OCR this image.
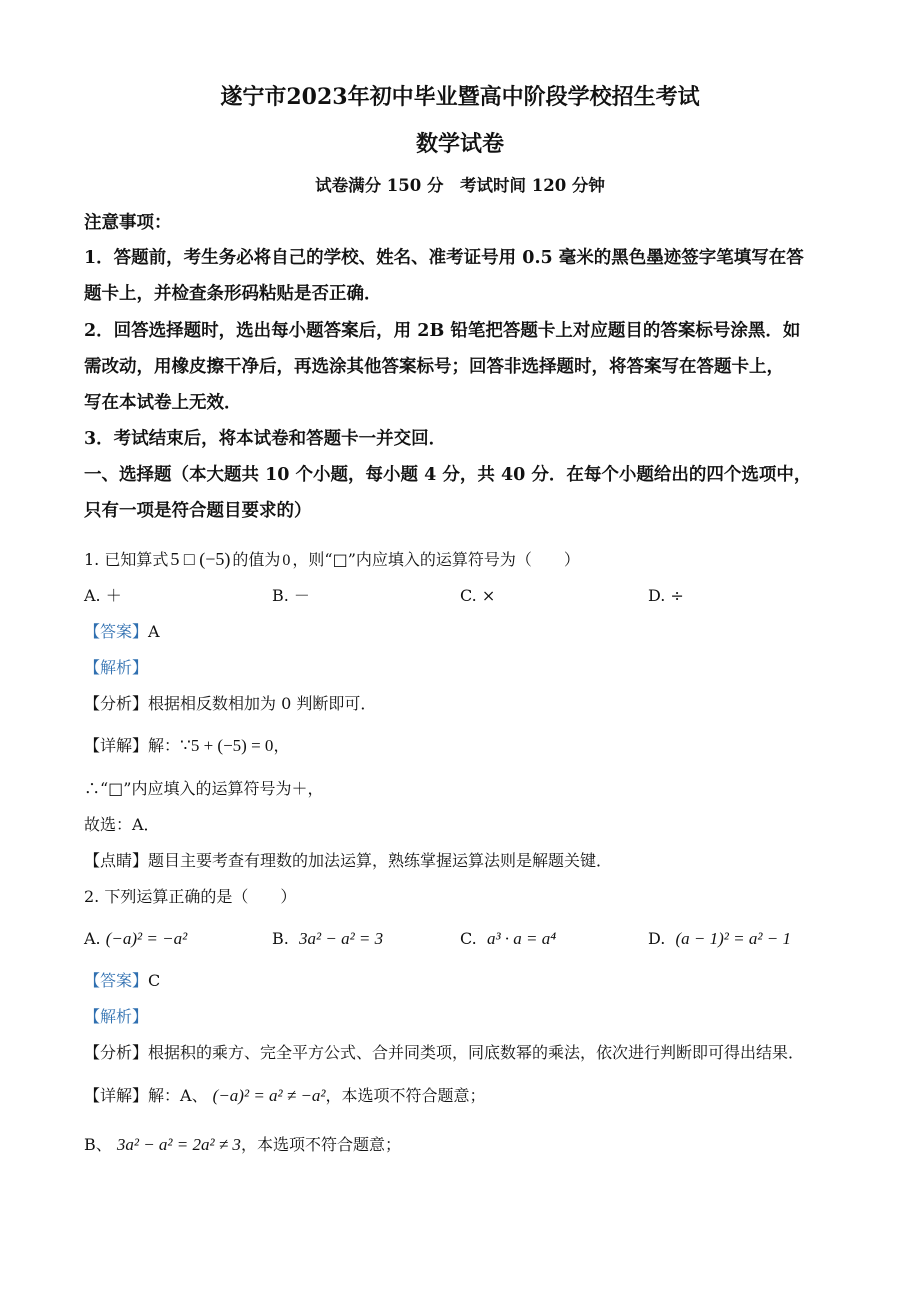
遂宁市2023年初中毕业暨高中阶段学校招生考试
数学试卷
试卷满分 150 分　考试时间 120 分钟
注意事项：
1．答题前，考生务必将自己的学校、姓名、准考证号用 0.5 毫米的黑色墨迹签字笔填写在答
题卡上，并检查条形码粘贴是否正确．
2．回答选择题时，选出每小题答案后，用 2B 铅笔把答题卡上对应题目的答案标号涂黑．如
需改动，用橡皮擦干净后，再选涂其他答案标号；回答非选择题时，将答案写在答题卡上，
写在本试卷上无效．
3．考试结束后，将本试卷和答题卡一并交回．
一、选择题（本大题共 10 个小题，每小题 4 分，共 40 分．在每个小题给出的四个选项中，
只有一项是符合题目要求的）
1. 已知算式 5 □ (−5) 的值为 0 ，则“□”内应填入的运算符号为（　　）
A. ＋	B. －	C. ×	D. ÷
【答案】A
【解析】
【分析】根据相反数相加为 0 判断即可．
【详解】解：∵5 + (−5) = 0，
∴“□”内应填入的运算符号为＋，
故选：A．
【点睛】题目主要考查有理数的加法运算，熟练掌握运算法则是解题关键．
2. 下列运算正确的是（　　）
A. (−a)² = −a²	B. 3a² − a² = 3	C. a³ · a = a⁴	D. (a − 1)² = a² − 1
【答案】C
【解析】
【分析】根据积的乘方、完全平方公式、合并同类项，同底数幂的乘法，依次进行判断即可得出结果．
【详解】解：A、 (−a)² = a² ≠ −a²，本选项不符合题意；
B、 3a² − a² = 2a² ≠ 3，本选项不符合题意；
